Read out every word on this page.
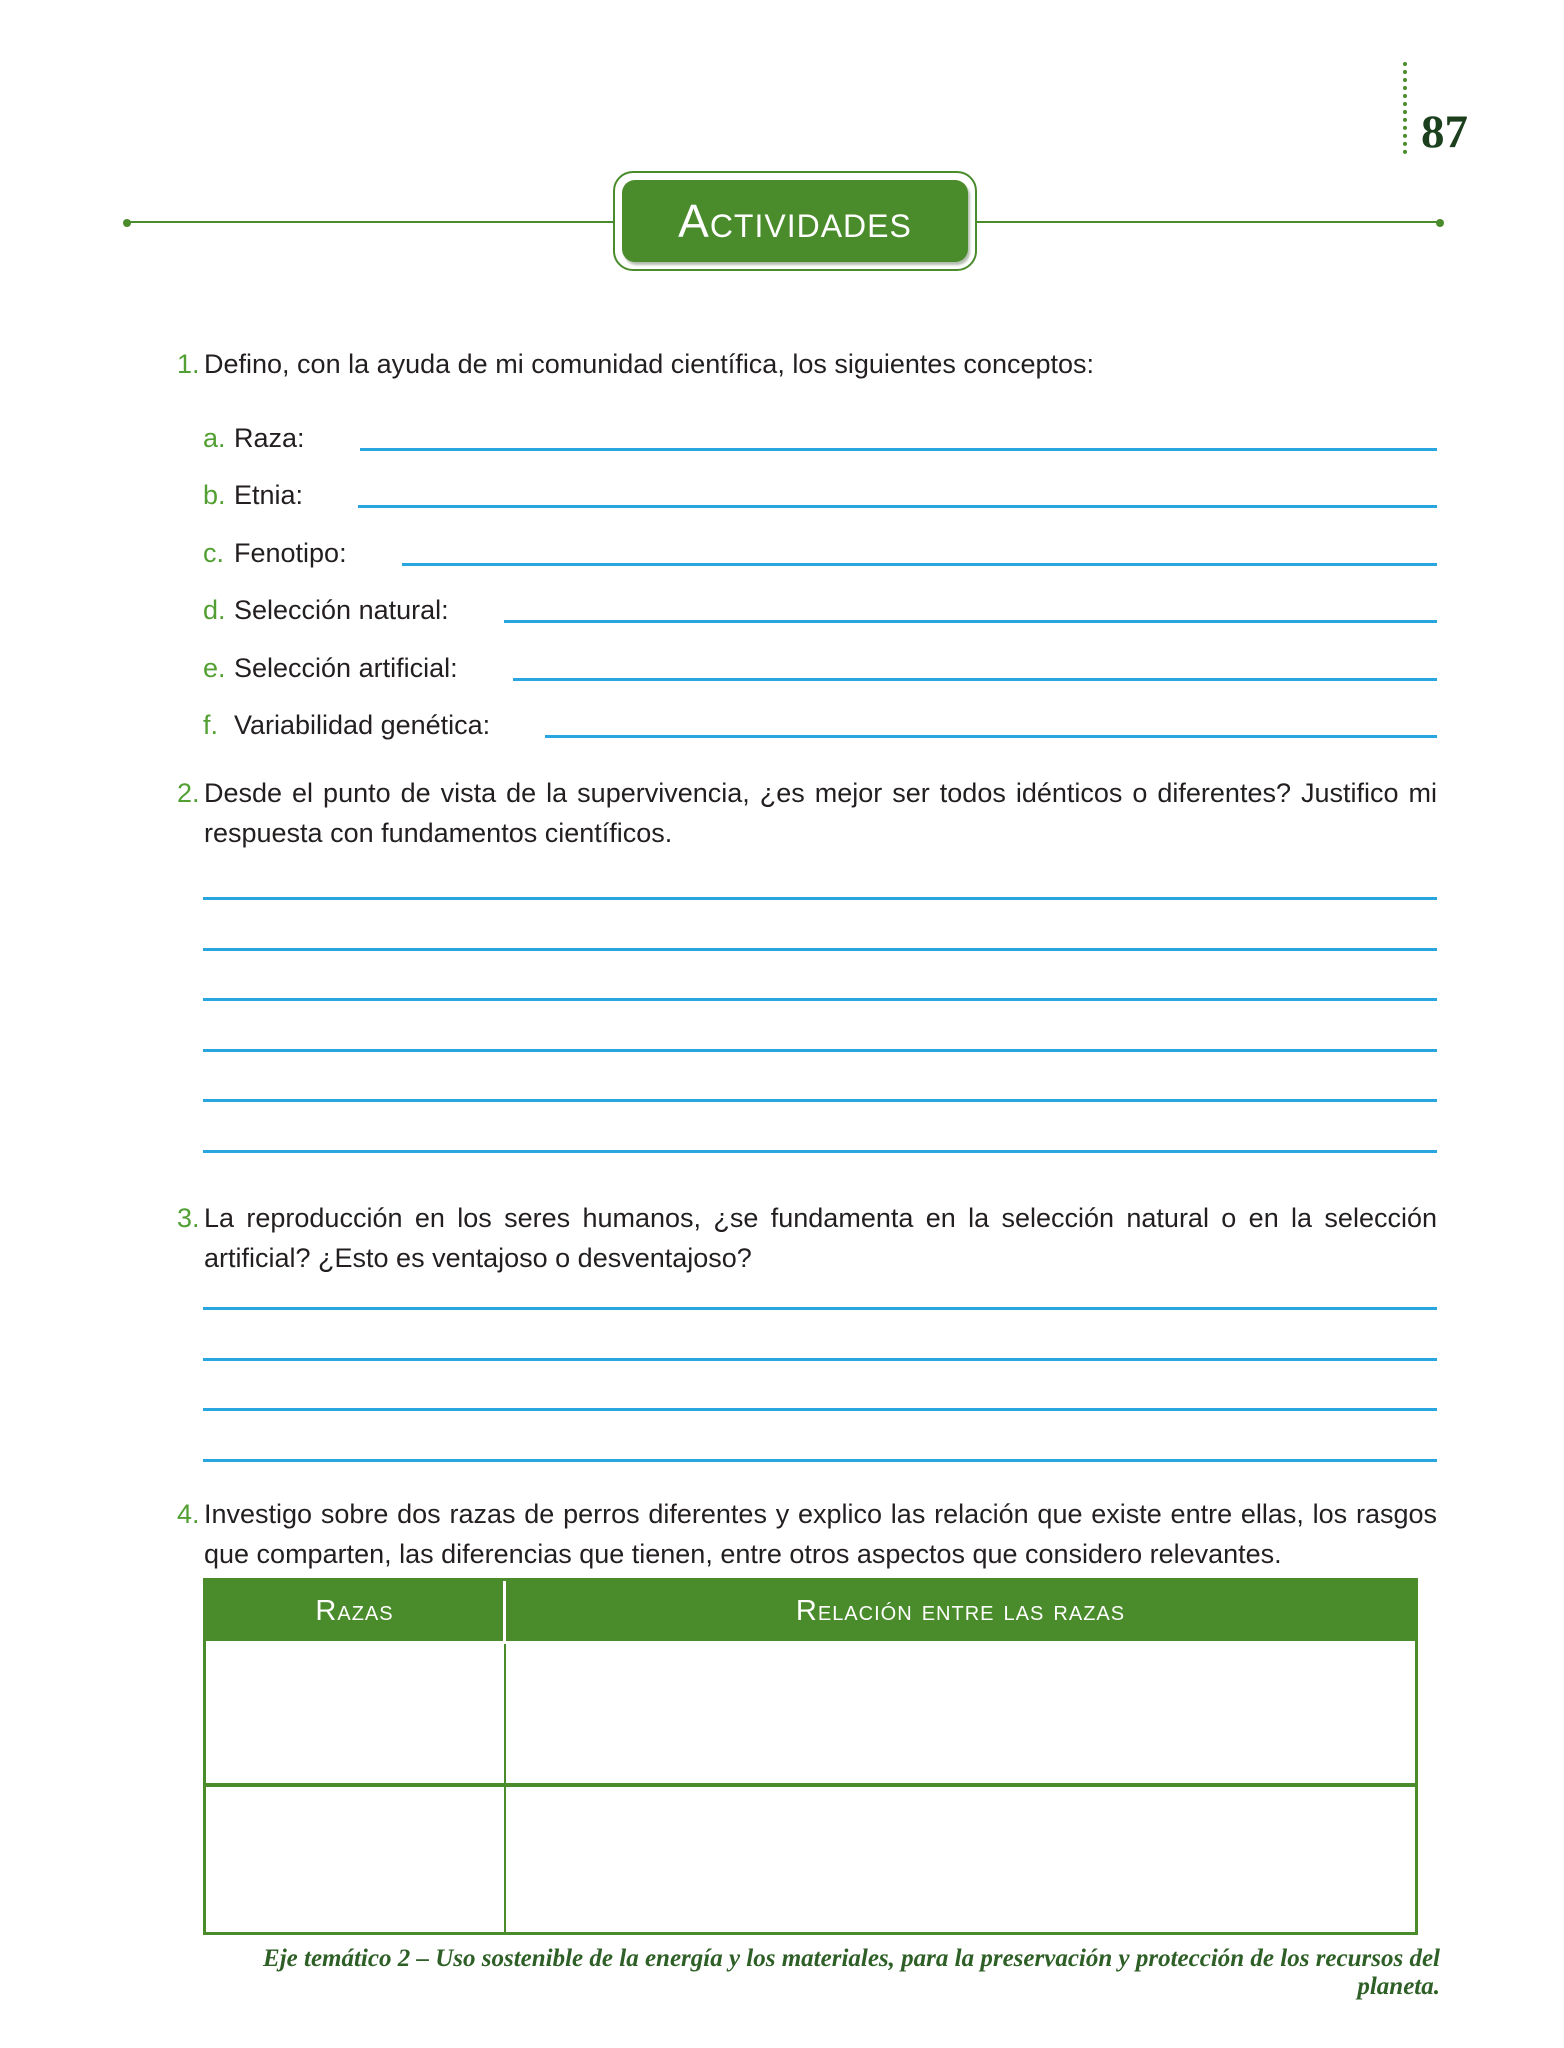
87
Actividades
1. Defino, con la ayuda de mi comunidad científica, los siguientes conceptos:

a. Raza:
b. Etnia:
c. Fenotipo:
d. Selección natural:
e. Selección artificial:
f. Variabilidad genética:
2. Desde el punto de vista de la supervivencia, ¿es mejor ser todos idénticos o diferentes? Justifico mi respuesta con fundamentos científicos.

3. La reproducción en los seres humanos, ¿se fundamenta en la selección natural o en la selección artificial? ¿Esto es ventajoso o desventajoso?

4. Investigo sobre dos razas de perros diferentes y explico las relación que existe entre ellas, los rasgos que comparten, las diferencias que tienen, entre otros aspectos que considero relevantes.

Razas	Relación entre las razas
Eje temático 2 – Uso sostenible de la energía y los materiales, para la preservación y protección de los recursos del planeta.
